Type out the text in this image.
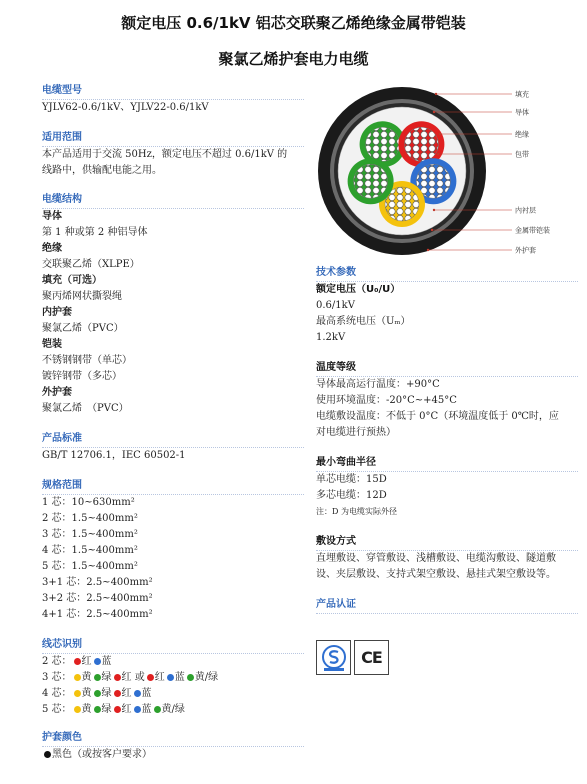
额定电压 0.6/1kV 铝芯交联聚乙烯绝缘金属带铠装
聚氯乙烯护套电力电缆
电缆型号
YJLV62-0.6/1kV、YJLV22-0.6/1kV
适用范围
本产品适用于交流 50Hz，额定电压不超过 0.6/1kV 的线路中，供输配电能之用。
电缆结构
导体
第 1 种或第 2 种铝导体
绝缘
交联聚乙烯（XLPE）
填充（可选）
聚丙烯网状撕裂绳
内护套
聚氯乙烯（PVC）
铠装
不锈钢钢带（单芯）
镀锌钢带（多芯）
外护套
聚氯乙烯　（PVC）
产品标准
GB/T 12706.1，IEC 60502-1
规格范围
1 芯：10~630mm²
2 芯：1.5~400mm²
3 芯：1.5~400mm²
4 芯：1.5~400mm²
5 芯：1.5~400mm²
3+1 芯：2.5~400mm²
3+2 芯：2.5~400mm²
4+1 芯：2.5~400mm²
线芯识别
2 芯： 红 蓝
3 芯： 黄 绿 红 或 红 蓝 黄/绿
4 芯： 黄 绿 红 蓝
5 芯： 黄 绿 红 蓝 黄/绿
护套颜色
黑色（或按客户要求）
填充
导体
绝缘
包带
内衬层
金属带铠装
外护套
技术参数
额定电压（U₀/U）
0.6/1kV
最高系统电压（Uₘ）
1.2kV
温度等级
导体最高运行温度：+90°C
使用环境温度：-20°C~+45°C
电缆敷设温度：不低于 0°C（环境温度低于 0℃时，应对电缆进行预热）
最小弯曲半径
单芯电缆：15D
多芯电缆：12D
注：D 为电缆实际外径
敷设方式
直埋敷设、穿管敷设、浅槽敷设、电缆沟敷设、隧道敷设、夹层敷设、支持式架空敷设、悬挂式架空敷设等。
产品认证
CE
